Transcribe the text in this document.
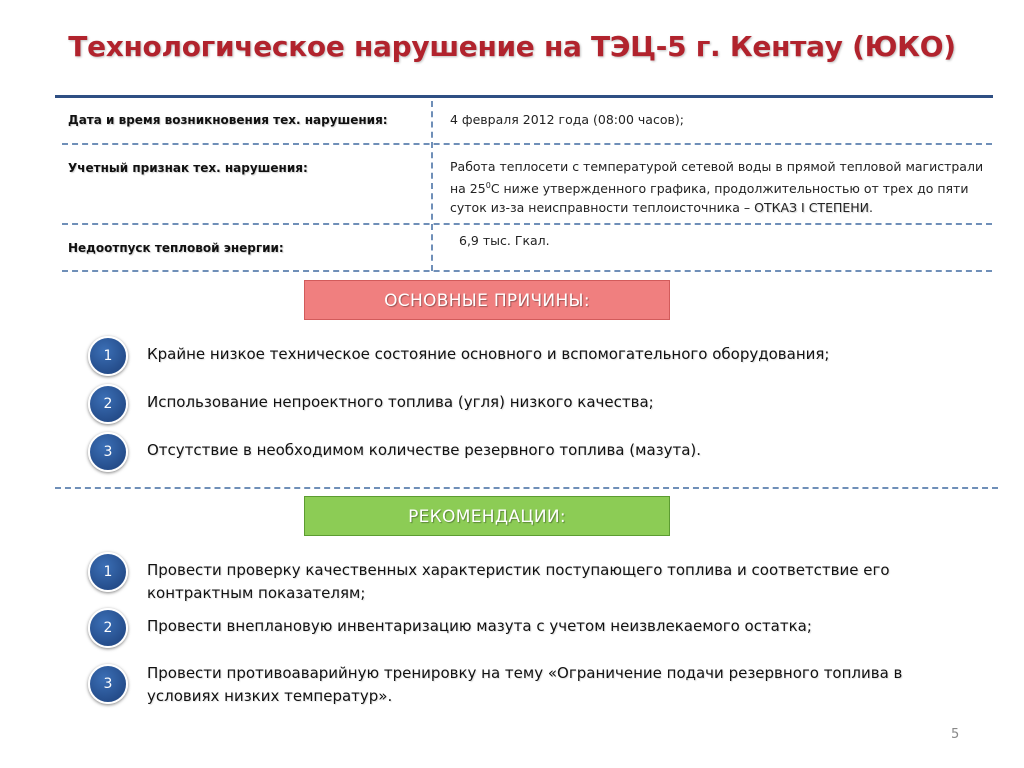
Технологическое нарушение на ТЭЦ-5 г. Кентау (ЮКО)
Дата и время возникновения тех. нарушения:	4 февраля 2012 года (08:00 часов);
Учетный признак тех. нарушения:	Работа теплосети с температурой сетевой воды в прямой тепловой магистрали
на $25^0С$ ниже утвержденного графика, продолжительностью от трех до пяти
суток из-за неисправности теплоисточника – ОТКАЗ I СТЕПЕНИ.
Недоотпуск тепловой энергии:	6,9 тыс. Гкал.
ОСНОВНЫЕ ПРИЧИНЫ:
1	Крайне низкое техническое состояние основного и вспомогательного оборудования;
2	Использование непроектного топлива (угля) низкого качества;
3	Отсутствие в необходимом количестве резервного топлива (мазута).
РЕКОМЕНДАЦИИ:
1	Провести проверку качественных характеристик поступающего топлива и соответствие его
контрактным показателям;
2	Провести внеплановую инвентаризацию мазута с учетом неизвлекаемого остатка;
3
Провести противоаварийную тренировку на тему «Ограничение подачи резервного топлива в
условиях низких температур».
5
